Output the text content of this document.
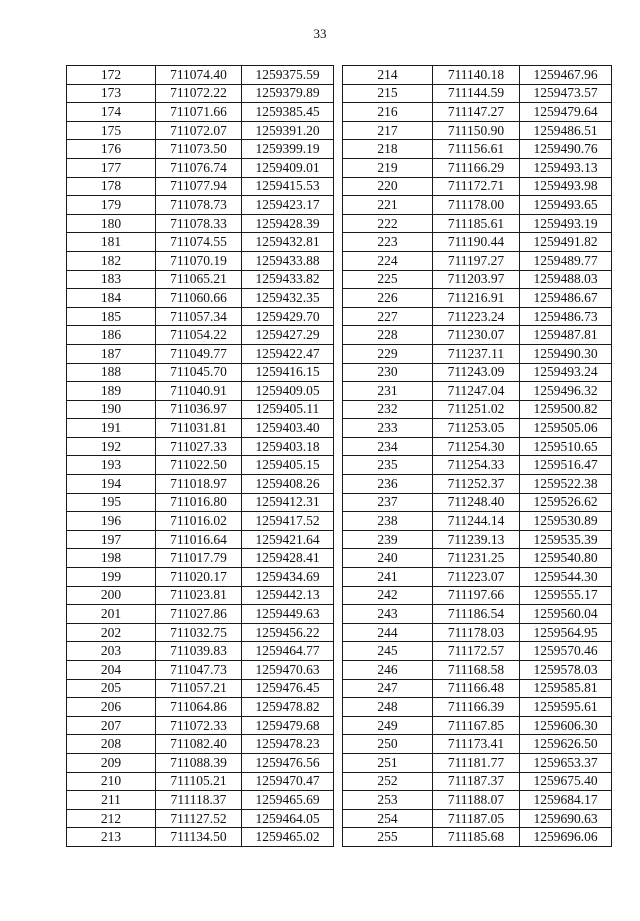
33
172	711074.40	1259375.59
173	711072.22	1259379.89
174	711071.66	1259385.45
175	711072.07	1259391.20
176	711073.50	1259399.19
177	711076.74	1259409.01
178	711077.94	1259415.53
179	711078.73	1259423.17
180	711078.33	1259428.39
181	711074.55	1259432.81
182	711070.19	1259433.88
183	711065.21	1259433.82
184	711060.66	1259432.35
185	711057.34	1259429.70
186	711054.22	1259427.29
187	711049.77	1259422.47
188	711045.70	1259416.15
189	711040.91	1259409.05
190	711036.97	1259405.11
191	711031.81	1259403.40
192	711027.33	1259403.18
193	711022.50	1259405.15
194	711018.97	1259408.26
195	711016.80	1259412.31
196	711016.02	1259417.52
197	711016.64	1259421.64
198	711017.79	1259428.41
199	711020.17	1259434.69
200	711023.81	1259442.13
201	711027.86	1259449.63
202	711032.75	1259456.22
203	711039.83	1259464.77
204	711047.73	1259470.63
205	711057.21	1259476.45
206	711064.86	1259478.82
207	711072.33	1259479.68
208	711082.40	1259478.23
209	711088.39	1259476.56
210	711105.21	1259470.47
211	711118.37	1259465.69
212	711127.52	1259464.05
213	711134.50	1259465.02
214	711140.18	1259467.96
215	711144.59	1259473.57
216	711147.27	1259479.64
217	711150.90	1259486.51
218	711156.61	1259490.76
219	711166.29	1259493.13
220	711172.71	1259493.98
221	711178.00	1259493.65
222	711185.61	1259493.19
223	711190.44	1259491.82
224	711197.27	1259489.77
225	711203.97	1259488.03
226	711216.91	1259486.67
227	711223.24	1259486.73
228	711230.07	1259487.81
229	711237.11	1259490.30
230	711243.09	1259493.24
231	711247.04	1259496.32
232	711251.02	1259500.82
233	711253.05	1259505.06
234	711254.30	1259510.65
235	711254.33	1259516.47
236	711252.37	1259522.38
237	711248.40	1259526.62
238	711244.14	1259530.89
239	711239.13	1259535.39
240	711231.25	1259540.80
241	711223.07	1259544.30
242	711197.66	1259555.17
243	711186.54	1259560.04
244	711178.03	1259564.95
245	711172.57	1259570.46
246	711168.58	1259578.03
247	711166.48	1259585.81
248	711166.39	1259595.61
249	711167.85	1259606.30
250	711173.41	1259626.50
251	711181.77	1259653.37
252	711187.37	1259675.40
253	711188.07	1259684.17
254	711187.05	1259690.63
255	711185.68	1259696.06
